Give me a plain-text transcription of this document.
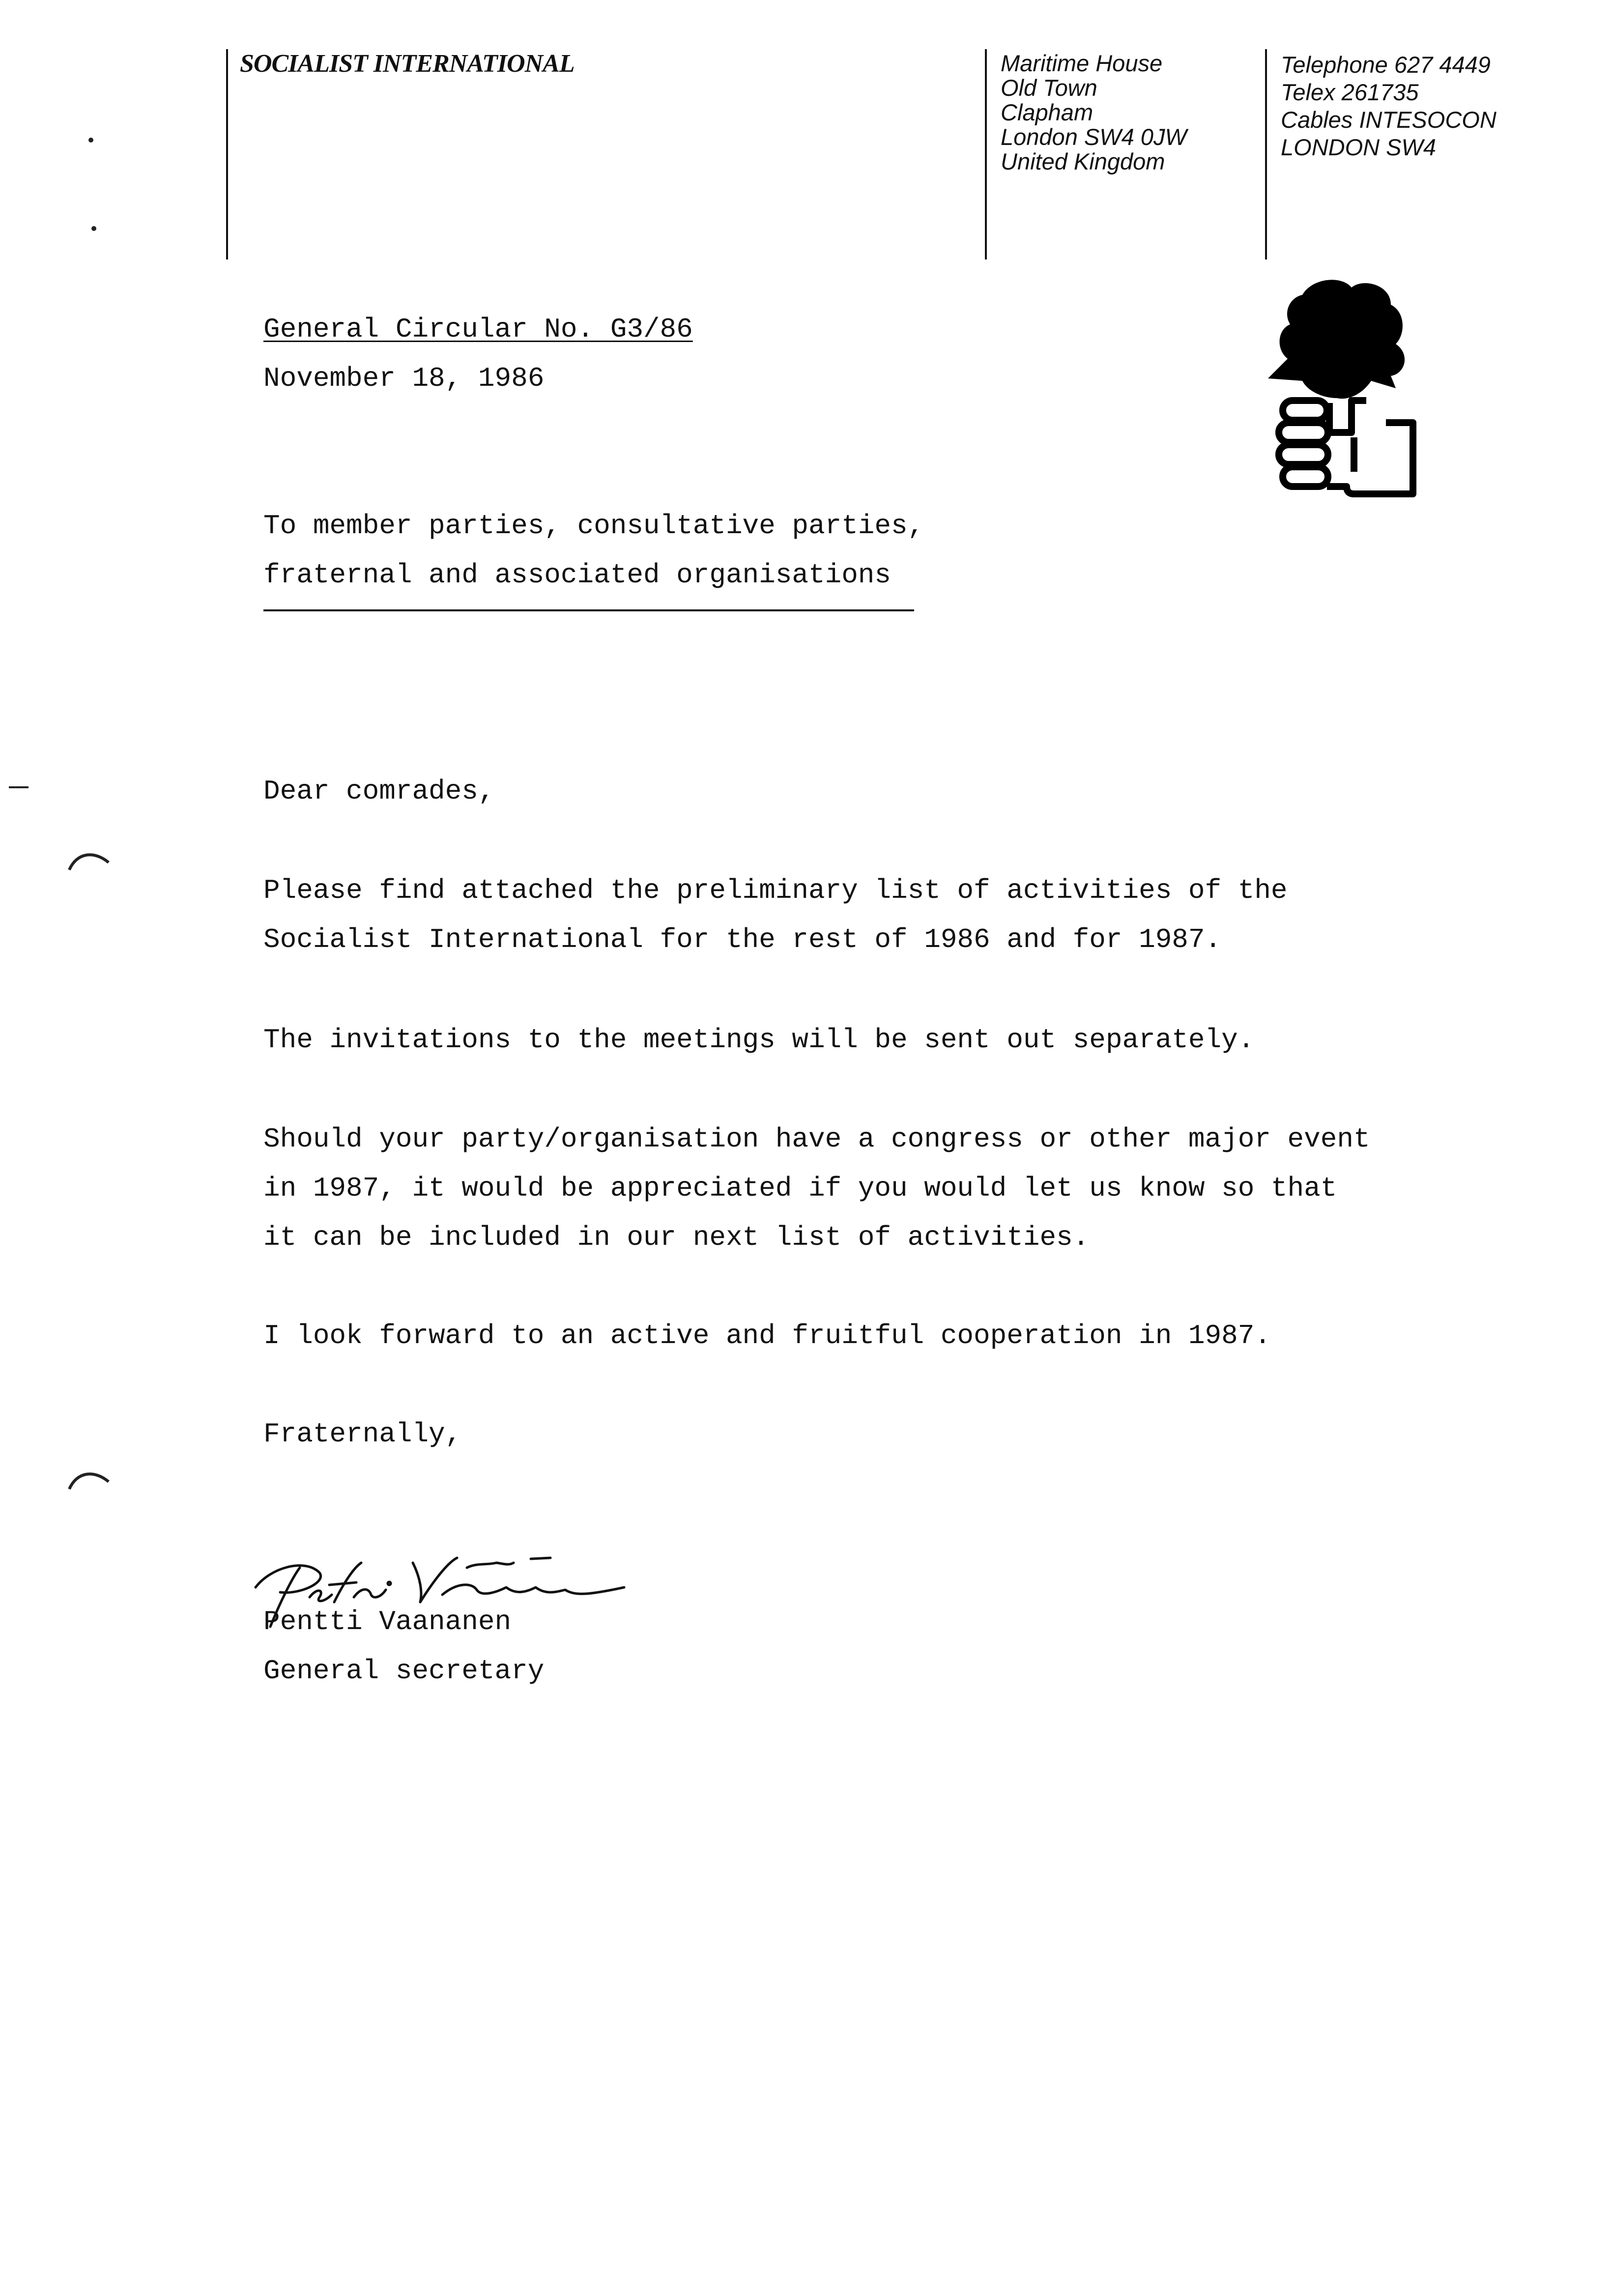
SOCIALIST INTERNATIONAL	Maritime House
Old Town
Clapham
London SW4 0JW
United Kingdom
Telephone 627 4449
Telex 261735
Cables INTESOCON
LONDON SW4
General Circular No. G3/86
November 18, 1986
To member parties, consultative parties,
fraternal and associated organisations
Dear comrades,
Please find attached the preliminary list of activities of the
Socialist International for the rest of 1986 and for 1987.
The invitations to the meetings will be sent out separately.
Should your party/organisation have a congress or other major event
in 1987, it would be appreciated if you would let us know so that
it can be included in our next list of activities.
I look forward to an active and fruitful cooperation in 1987.
Fraternally,
Pentti Vaananen
General secretary
